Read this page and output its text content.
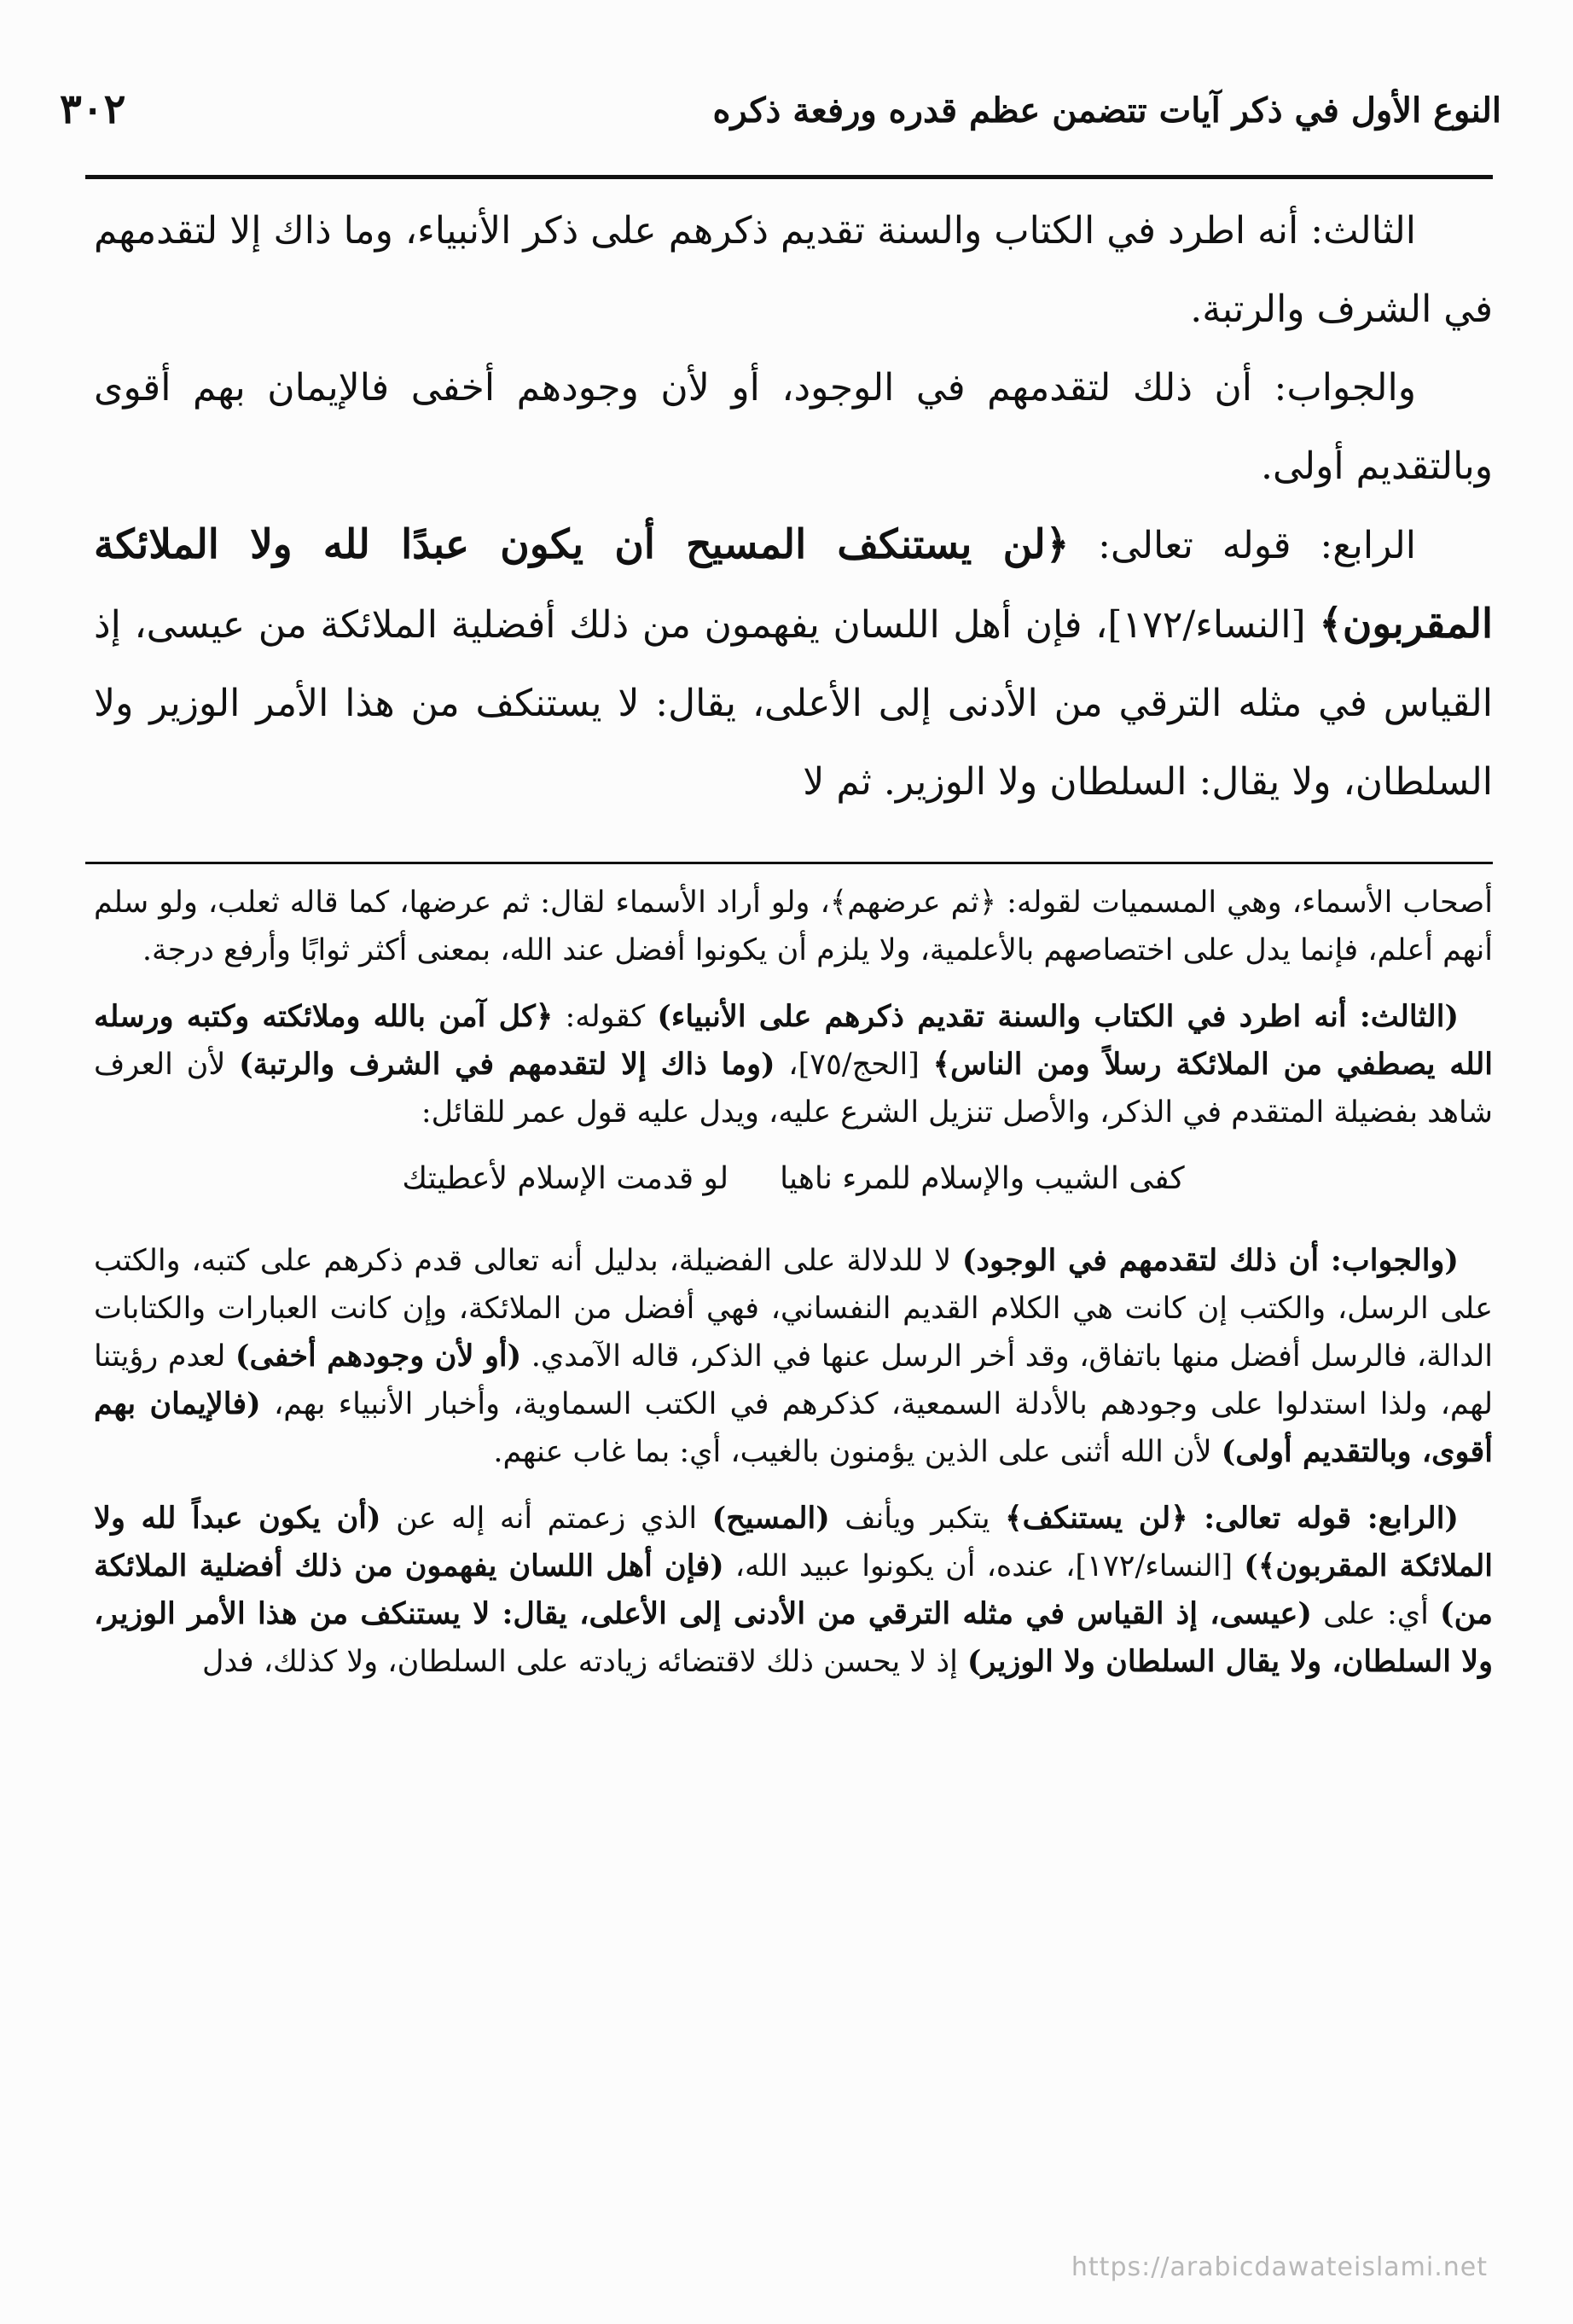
٣٠٢	النوع الأول في ذكر آيات تتضمن عظم قدره ورفعة ذكره

الثالث: أنه اطرد في الكتاب والسنة تقديم ذكرهم على ذكر الأنبياء، وما ذاك إلا لتقدمهم في الشرف والرتبة.

والجواب: أن ذلك لتقدمهم في الوجود، أو لأن وجودهم أخفى فالإيمان بهم أقوى وبالتقديم أولى.

الرابع: قوله تعالى: ﴿لن يستنكف المسيح أن يكون عبدًا لله ولا الملائكة المقربون﴾ [النساء/١٧٢]، فإن أهل اللسان يفهمون من ذلك أفضلية الملائكة من عيسى، إذ القياس في مثله الترقي من الأدنى إلى الأعلى، يقال: لا يستنكف من هذا الأمر الوزير ولا السلطان، ولا يقال: السلطان ولا الوزير. ثم لا

أصحاب الأسماء، وهي المسميات لقوله: ﴿ثم عرضهم﴾، ولو أراد الأسماء لقال: ثم عرضها، كما قاله ثعلب، ولو سلم أنهم أعلم، فإنما يدل على اختصاصهم بالأعلمية، ولا يلزم أن يكونوا أفضل عند الله، بمعنى أكثر ثوابًا وأرفع درجة.

(الثالث: أنه اطرد في الكتاب والسنة تقديم ذكرهم على الأنبياء) كقوله: ﴿كل آمن بالله وملائكته وكتبه ورسله الله يصطفي من الملائكة رسلاً ومن الناس﴾ [الحج/٧٥]، (وما ذاك إلا لتقدمهم في الشرف والرتبة) لأن العرف شاهد بفضيلة المتقدم في الذكر، والأصل تنزيل الشرع عليه، ويدل عليه قول عمر للقائل:

كفى الشيب والإسلام للمرء ناهيا
لو قدمت الإسلام لأعطيتك

(والجواب: أن ذلك لتقدمهم في الوجود) لا للدلالة على الفضيلة، بدليل أنه تعالى قدم ذكرهم على كتبه، والكتب على الرسل، والكتب إن كانت هي الكلام القديم النفساني، فهي أفضل من الملائكة، وإن كانت العبارات والكتابات الدالة، فالرسل أفضل منها باتفاق، وقد أخر الرسل عنها في الذكر، قاله الآمدي. (أو لأن وجودهم أخفى) لعدم رؤيتنا لهم، ولذا استدلوا على وجودهم بالأدلة السمعية، كذكرهم في الكتب السماوية، وأخبار الأنبياء بهم، (فالإيمان بهم أقوى، وبالتقديم أولى) لأن الله أثنى على الذين يؤمنون بالغيب، أي: بما غاب عنهم.

(الرابع: قوله تعالى: ﴿لن يستنكف﴾ يتكبر ويأنف (المسيح) الذي زعمتم أنه إله عن (أن يكون عبداً لله ولا الملائكة المقربون﴾) [النساء/١٧٢]، عنده، أن يكونوا عبيد الله، (فإن أهل اللسان يفهمون من ذلك أفضلية الملائكة من) أي: على (عيسى، إذ القياس في مثله الترقي من الأدنى إلى الأعلى، يقال: لا يستنكف من هذا الأمر الوزير، ولا السلطان، ولا يقال السلطان ولا الوزير) إذ لا يحسن ذلك لاقتضائه زيادته على السلطان، ولا كذلك، فدل

https://arabicdawateislami.net
